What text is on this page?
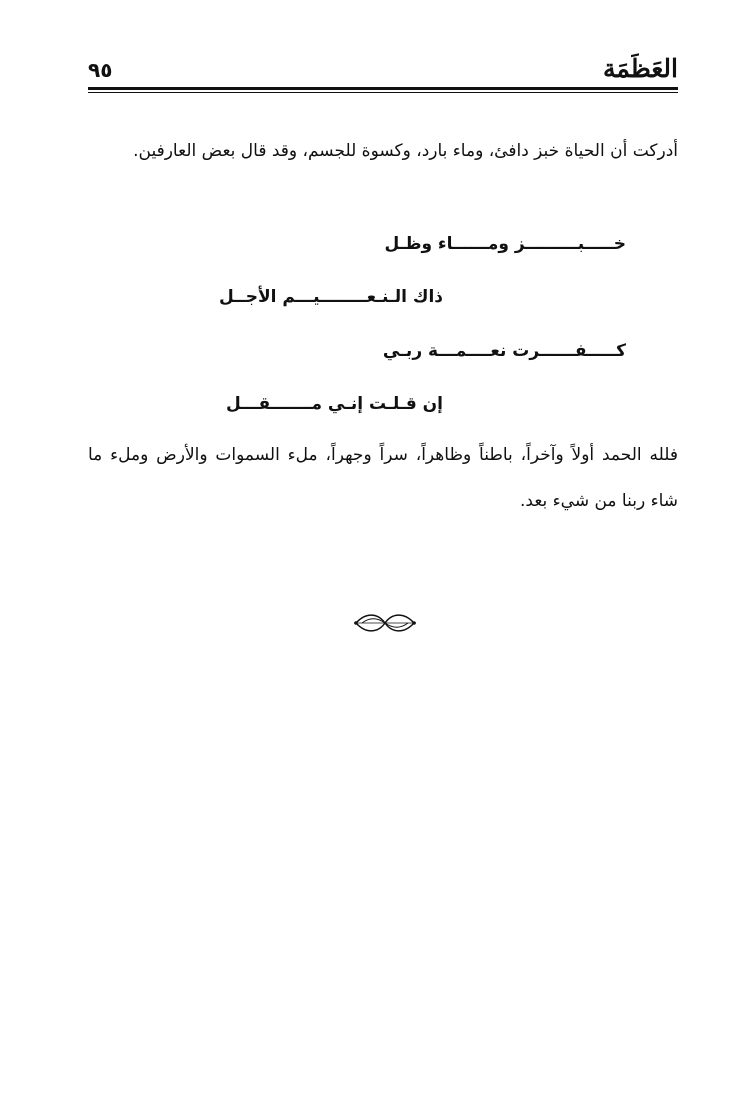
العَظَمَة
٩٥
أدركت أن الحياة خبز دافئ، وماء بارد، وكسوة للجسم، وقد قال بعض العارفين.
خـــــبـــــــــز ومــــــاء وظـل
ذاك الـنـعــــــــيـــم الأجــل
كـــــفــــــرت نعــــمـــة ربـي
إن قـلـت إنـي مـــــــقـــل
فلله الحمد أولاً وآخراً، باطناً وظاهراً، سراً وجهراً، ملء السموات والأرض وملء ما شاء ربنا من شيء بعد.
